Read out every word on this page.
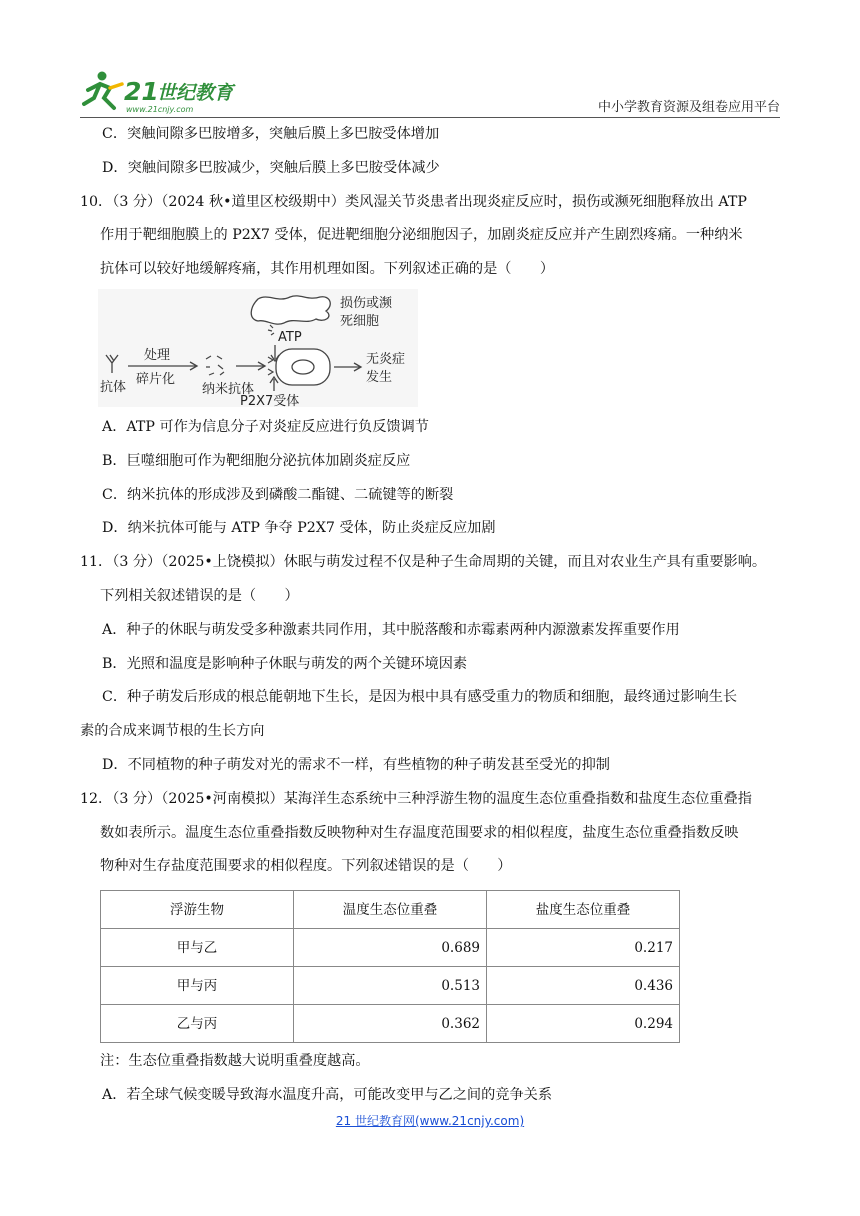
21
世纪教育
www.21cnjy.com	中小学教育资源及组卷应用平台
C．突触间隙多巴胺增多，突触后膜上多巴胺受体增加
D．突触间隙多巴胺减少，突触后膜上多巴胺受体减少
10．（3 分）（2024 秋•道里区校级期中）类风湿关节炎患者出现炎症反应时，损伤或濒死细胞释放出 ATP
作用于靶细胞膜上的 P2X7 受体，促进靶细胞分泌细胞因子，加剧炎症反应并产生剧烈疼痛。一种纳米
抗体可以较好地缓解疼痛，其作用机理如图。下列叙述正确的是（　　）
损伤或濒
死细胞
ATP
抗体
处理
碎片化
纳米抗体
P2X7受体
无炎症
发生
A．ATP 可作为信息分子对炎症反应进行负反馈调节
B．巨噬细胞可作为靶细胞分泌抗体加剧炎症反应
C．纳米抗体的形成涉及到磷酸二酯键、二硫键等的断裂
D．纳米抗体可能与 ATP 争夺 P2X7 受体，防止炎症反应加剧
11．（3 分）（2025•上饶模拟）休眠与萌发过程不仅是种子生命周期的关键，而且对农业生产具有重要影响。
下列相关叙述错误的是（　　）
A．种子的休眠与萌发受多种激素共同作用，其中脱落酸和赤霉素两种内源激素发挥重要作用
B．光照和温度是影响种子休眠与萌发的两个关键环境因素
C．种子萌发后形成的根总能朝地下生长，是因为根中具有感受重力的物质和细胞，最终通过影响生长
素的合成来调节根的生长方向
D．不同植物的种子萌发对光的需求不一样，有些植物的种子萌发甚至受光的抑制
12．（3 分）（2025•河南模拟）某海洋生态系统中三种浮游生物的温度生态位重叠指数和盐度生态位重叠指
数如表所示。温度生态位重叠指数反映物种对生存温度范围要求的相似程度，盐度生态位重叠指数反映
物种对生存盐度范围要求的相似程度。下列叙述错误的是（　　）
浮游生物	温度生态位重叠	盐度生态位重叠
甲与乙	0.689	0.217
甲与丙	0.513	0.436
乙与丙	0.362	0.294
注：生态位重叠指数越大说明重叠度越高。
A．若全球气候变暖导致海水温度升高，可能改变甲与乙之间的竞争关系
21 世纪教育网(www.21cnjy.com)
